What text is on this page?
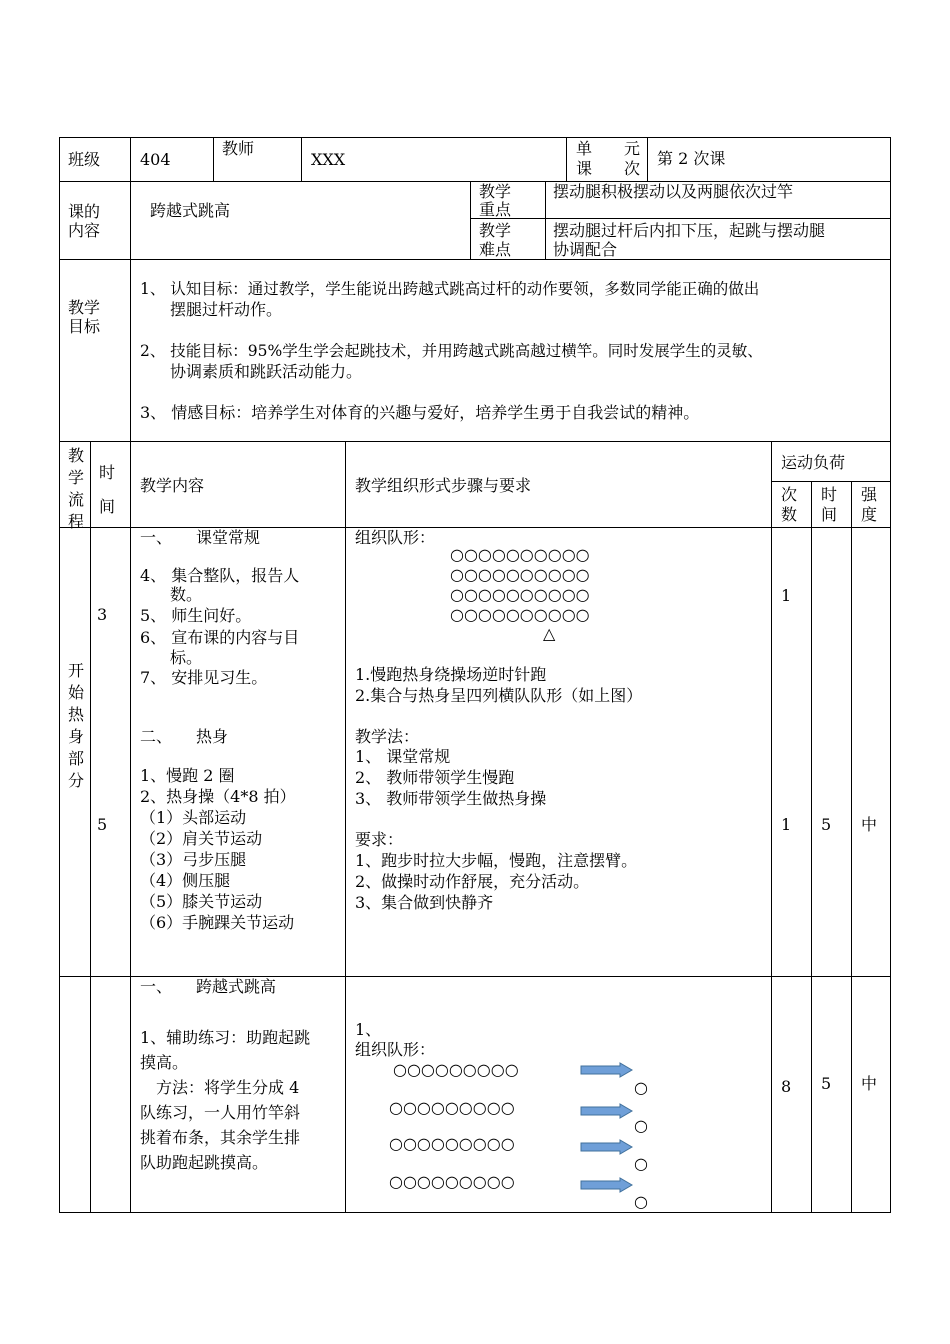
班级 404
教师
XXX
单　　元
课　　次
第 2 次课
课的
内容
跨越式跳高
教学
重点
摆动腿积极摆动以及两腿依次过竿
教学
难点
摆动腿过杆后内扣下压，起跳与摆动腿
协调配合
教学
目标
1、 认知目标：通过教学，学生能说出跨越式跳高过杆的动作要领，多数同学能正确的做出
摆腿过杆动作。
2、 技能目标：95%学生学会起跳技术，并用跨越式跳高越过横竿。同时发展学生的灵敏、
协调素质和跳跃活动能力。
3、 情感目标：培养学生对体育的兴趣与爱好，培养学生勇于自我尝试的精神。
教
学
流
程
时
间
教学内容	教学组织形式步骤与要求
运动负荷
次
数
时
间
强
度
开
始
热
身
部
分
3
5
一、　　课堂常规
4、 集合整队，报告人
数。
5、 师生问好。
6、 宣布课的内容与目
标。
7、 安排见习生。
二、　　热身
1、慢跑 2 圈
2、热身操（4*8 拍）
（1）头部运动
（2）肩关节运动
（3）弓步压腿
（4）侧压腿
（5）膝关节运动
（6）手腕踝关节运动
组织队形：
○○○○○○○○○○
○○○○○○○○○○
○○○○○○○○○○
○○○○○○○○○○
△
1.慢跑热身绕操场逆时针跑
2.集合与热身呈四列横队队形（如上图）
教学法：
1、 课堂常规
2、 教师带领学生慢跑
3、 教师带领学生做热身操
要求：
1、跑步时拉大步幅，慢跑，注意摆臂。
2、做操时动作舒展，充分活动。
3、集合做到快静齐
1
1 5 中
一、　　跨越式跳高
1、辅助练习：助跑起跳
摸高。
　方法：将学生分成 4
队练习，一人用竹竿斜
挑着布条，其余学生排
队助跑起跳摸高。
1、
组织队形：
○○○○○○○○○
○○○○○○○○○
○○○○○○○○○
○○○○○○○○○
○
○
○
○
8 5 中
